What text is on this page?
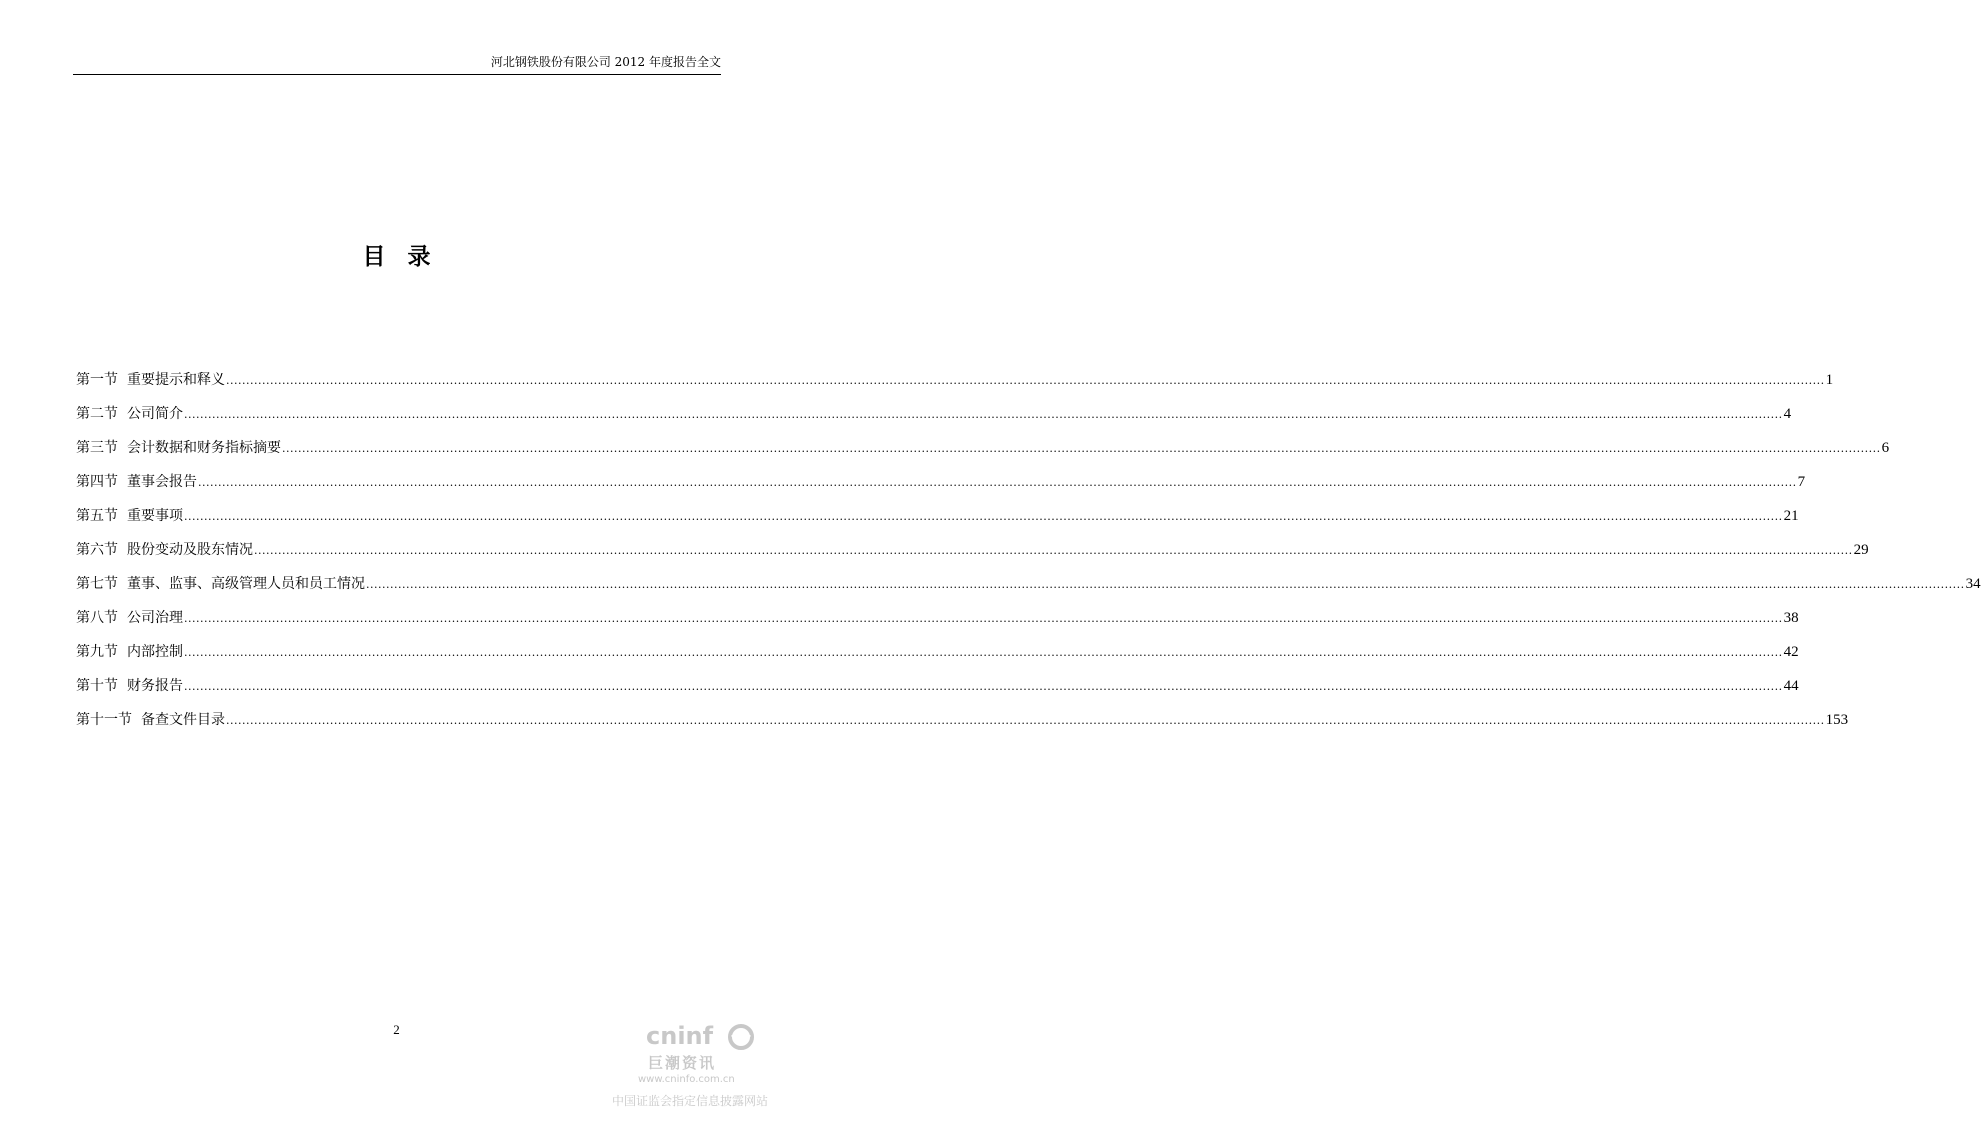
河北钢铁股份有限公司 2012 年度报告全文
目录
第一节 重要提示和释义 ................................................................................................................................................................................................................................................................................................................................................................................................................ 1
第二节 公司简介 ................................................................................................................................................................................................................................................................................................................................................................................................................ 4
第三节 会计数据和财务指标摘要 ................................................................................................................................................................................................................................................................................................................................................................................................................ 6
第四节 董事会报告 ................................................................................................................................................................................................................................................................................................................................................................................................................ 7
第五节 重要事项 ................................................................................................................................................................................................................................................................................................................................................................................................................ 21
第六节 股份变动及股东情况 ................................................................................................................................................................................................................................................................................................................................................................................................................ 29
第七节 董事、监事、高级管理人员和员工情况 ................................................................................................................................................................................................................................................................................................................................................................................................................ 34
第八节 公司治理 ................................................................................................................................................................................................................................................................................................................................................................................................................ 38
第九节 内部控制 ................................................................................................................................................................................................................................................................................................................................................................................................................ 42
第十节 财务报告 ................................................................................................................................................................................................................................................................................................................................................................................................................ 44
第十一节 备查文件目录 ................................................................................................................................................................................................................................................................................................................................................................................................................ 153
2	cninf
巨潮资讯
www.cninfo.com.cn
中国证监会指定信息披露网站
